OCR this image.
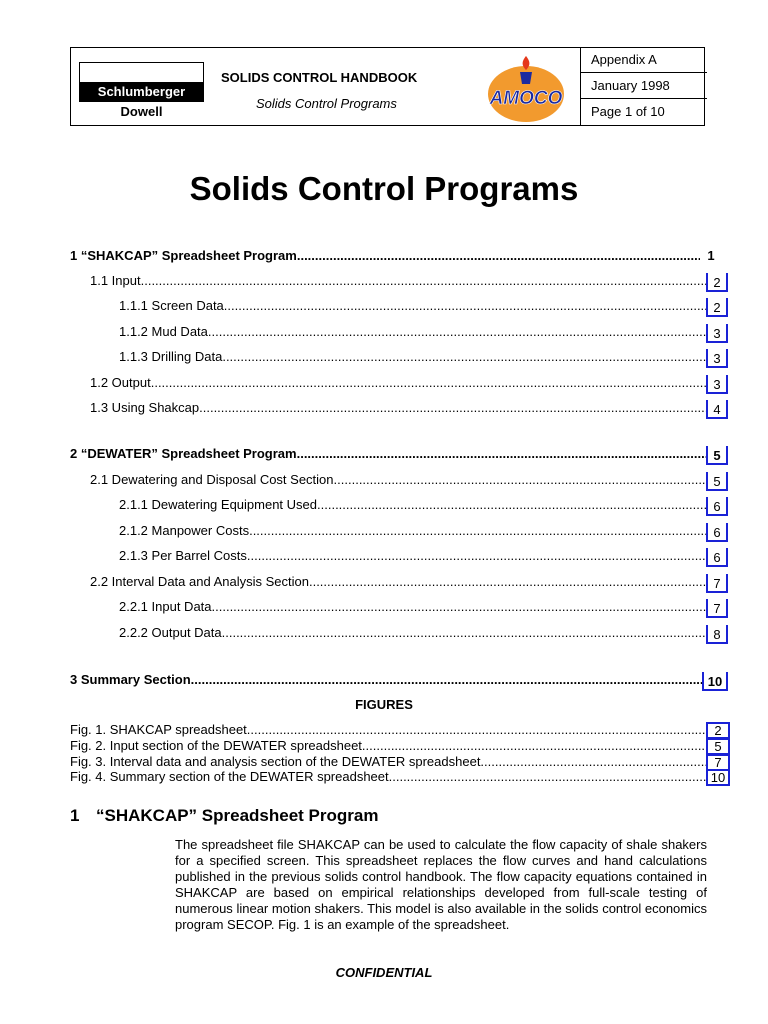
Schlumberger
Dowell
SOLIDS CONTROL HANDBOOK
Solids Control Programs	AMOCO
Appendix A
January 1998
Page 1 of 10
Solids Control Programs
1 “SHAKCAP” Spreadsheet Program .....	1
1.1 Input .....	2
1.1.1 Screen Data .....	2
1.1.2 Mud Data .....	3
1.1.3 Drilling Data .....	3
1.2 Output .....	3
1.3 Using Shakcap .....	4
2 “DEWATER” Spreadsheet Program .....	5
2.1 Dewatering and Disposal Cost Section .....	5
2.1.1 Dewatering Equipment Used .....	6
2.1.2 Manpower Costs .....	6
2.1.3 Per Barrel Costs .....	6
2.2 Interval Data and Analysis Section .....	7
2.2.1 Input Data .....	7
2.2.2 Output Data .....	8
3 Summary Section .....	10
FIGURES
Fig. 1. SHAKCAP spreadsheet. .....	2
Fig. 2. Input section of the DEWATER spreadsheet. .....	5
Fig. 3. Interval data and analysis section of the DEWATER spreadsheet. .....	7
Fig. 4. Summary section of the DEWATER spreadsheet. .....	10
1 “SHAKCAP” Spreadsheet Program
The spreadsheet file SHAKCAP can be used to calculate the flow capacity of shale shakers for a specified screen. This spreadsheet replaces the flow curves and hand calculations published in the previous solids control handbook. The flow capacity equations contained in SHAKCAP are based on empirical relationships developed from full-scale testing of numerous linear motion shakers. This model is also available in the solids control economics program SECOP. Fig. 1 is an example of the spreadsheet.
CONFIDENTIAL
